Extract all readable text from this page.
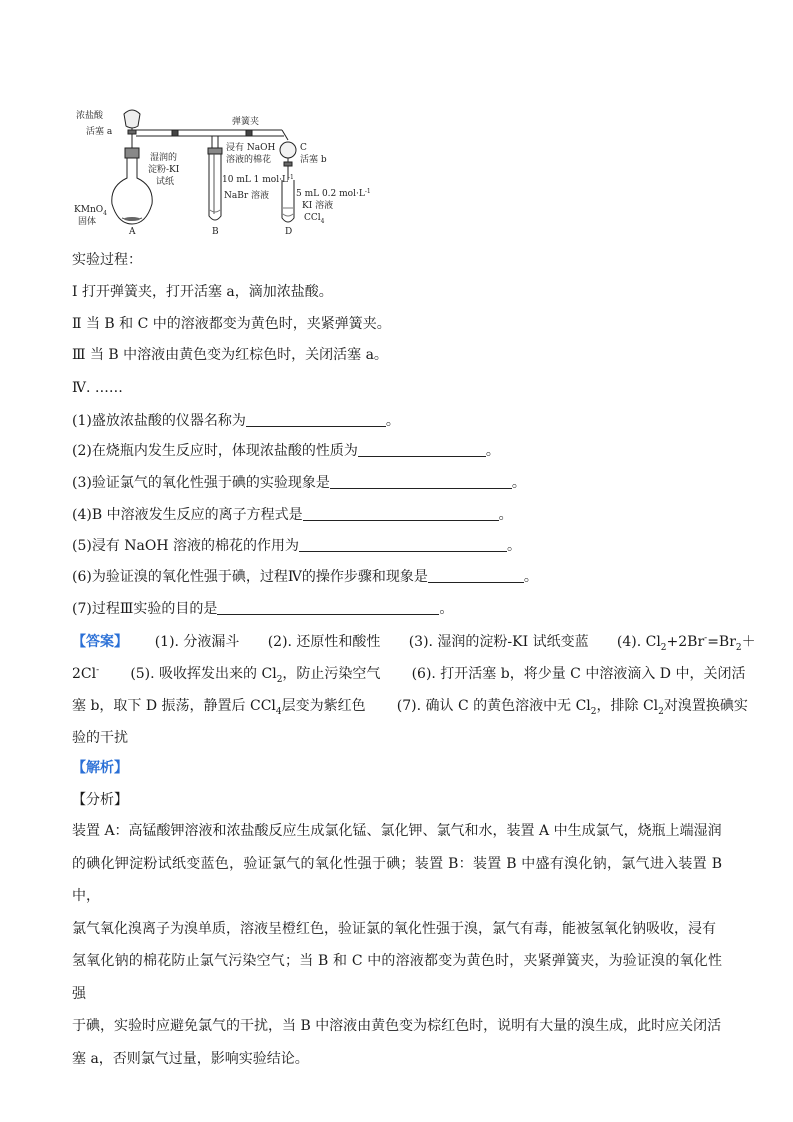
浓盐酸
活塞 a
弹簧夹
湿润的
淀粉-KI
试纸
KMnO$_4$
固体
浸有 NaOH
溶液的棉花
C
活塞 b
10 mL 1 $mol\cdot L^{-1}$
NaBr 溶液	5 mL 0.2 $mol\cdot L^{-1}$
KI 溶液
CCl$_4$
A	B	D
实验过程：
Ⅰ 打开弹簧夹，打开活塞 a，滴加浓盐酸。
Ⅱ 当 B 和 C 中的溶液都变为黄色时，夹紧弹簧夹。
Ⅲ 当 B 中溶液由黄色变为红棕色时，关闭活塞 a。
Ⅳ. ……
(1)盛放浓盐酸的仪器名称为	。
(2)在烧瓶内发生反应时，体现浓盐酸的性质为	。
(3)验证氯气的氧化性强于碘的实验现象是	。
(4)B 中溶液发生反应的离子方程式是	。
(5)浸有 NaOH 溶液的棉花的作用为	。
(6)为验证溴的氧化性强于碘，过程Ⅳ的操作步骤和现象是	。
(7)过程Ⅲ实验的目的是	。
【答案】 (1). 分液漏斗 (2). 还原性和酸性 (3). 湿润的淀粉-KI 试纸变蓝 (4). $Cl_2+2Br^-=Br_2+$
2Cl- (5). 吸收挥发出来的 $Cl_2$，防止污染空气 (6). 打开活塞 b，将少量 C 中溶液滴入 D 中，关闭活
塞 b，取下 D 振荡，静置后 CCl$_4$层变为紫红色 (7). 确认 C 的黄色溶液中无 $Cl_2$，排除 $Cl_2$对溴置换碘实
验的干扰
【解析】
【分析】
装置 A：高锰酸钾溶液和浓盐酸反应生成氯化锰、氯化钾、氯气和水，装置 A 中生成氯气，烧瓶上端湿润
的碘化钾淀粉试纸变蓝色，验证氯气的氧化性强于碘；装置 B：装置 B 中盛有溴化钠，氯气进入装置 B 中，
氯气氧化溴离子为溴单质，溶液呈橙红色，验证氯的氧化性强于溴，氯气有毒，能被氢氧化钠吸收，浸有
氢氧化钠的棉花防止氯气污染空气；当 B 和 C 中的溶液都变为黄色时，夹紧弹簧夹，为验证溴的氧化性强
于碘，实验时应避免氯气的干扰，当 B 中溶液由黄色变为棕红色时，说明有大量的溴生成，此时应关闭活
塞 a，否则氯气过量，影响实验结论。
